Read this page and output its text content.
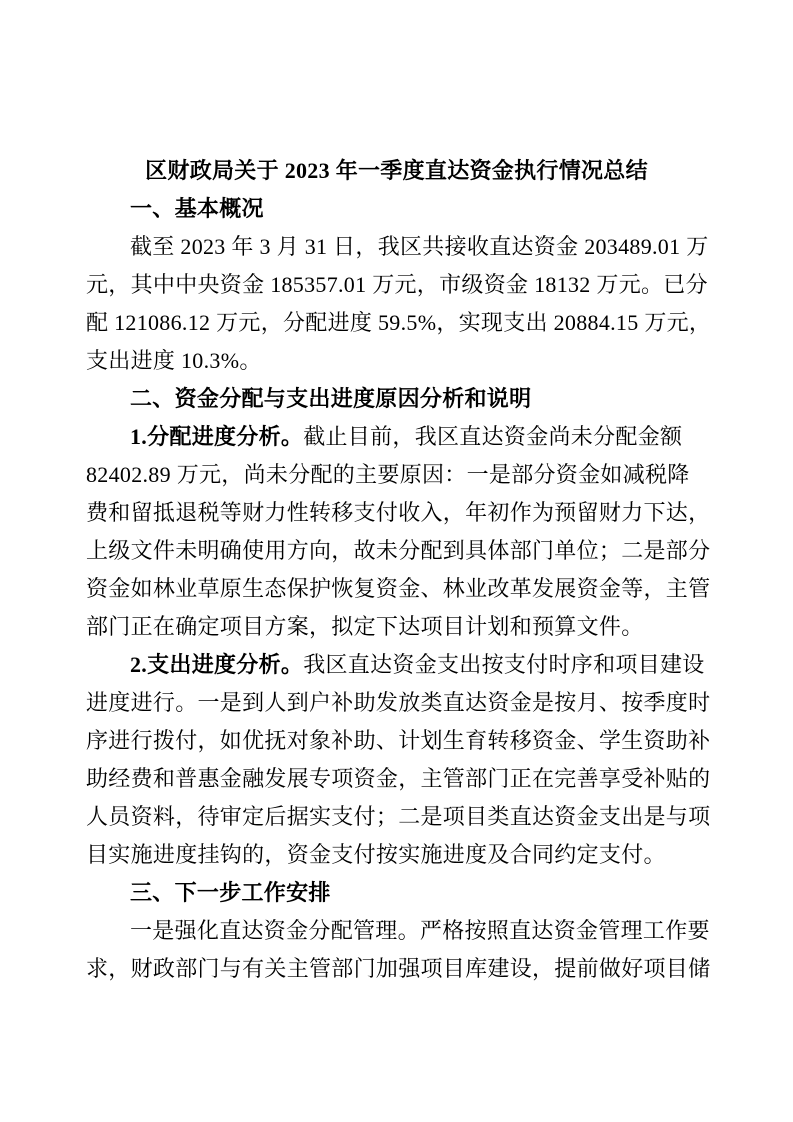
区财政局关于 2023 年一季度直达资金执行情况总结
一、基本概况
截至 2023 年 3 月 31 日，我区共接收直达资金 203489.01 万
元，其中中央资金 185357.01 万元，市级资金 18132 万元。已分
配 121086.12 万元，分配进度 59.5%，实现支出 20884.15 万元，
支出进度 10.3%。
二、资金分配与支出进度原因分析和说明
1.分配进度分析。截止目前，我区直达资金尚未分配金额
82402.89 万元，尚未分配的主要原因：一是部分资金如减税降
费和留抵退税等财力性转移支付收入，年初作为预留财力下达，
上级文件未明确使用方向，故未分配到具体部门单位；二是部分
资金如林业草原生态保护恢复资金、林业改革发展资金等，主管
部门正在确定项目方案，拟定下达项目计划和预算文件。
2.支出进度分析。我区直达资金支出按支付时序和项目建设
进度进行。一是到人到户补助发放类直达资金是按月、按季度时
序进行拨付，如优抚对象补助、计划生育转移资金、学生资助补
助经费和普惠金融发展专项资金，主管部门正在完善享受补贴的
人员资料，待审定后据实支付；二是项目类直达资金支出是与项
目实施进度挂钩的，资金支付按实施进度及合同约定支付。
三、下一步工作安排
一是强化直达资金分配管理。严格按照直达资金管理工作要
求，财政部门与有关主管部门加强项目库建设，提前做好项目储
